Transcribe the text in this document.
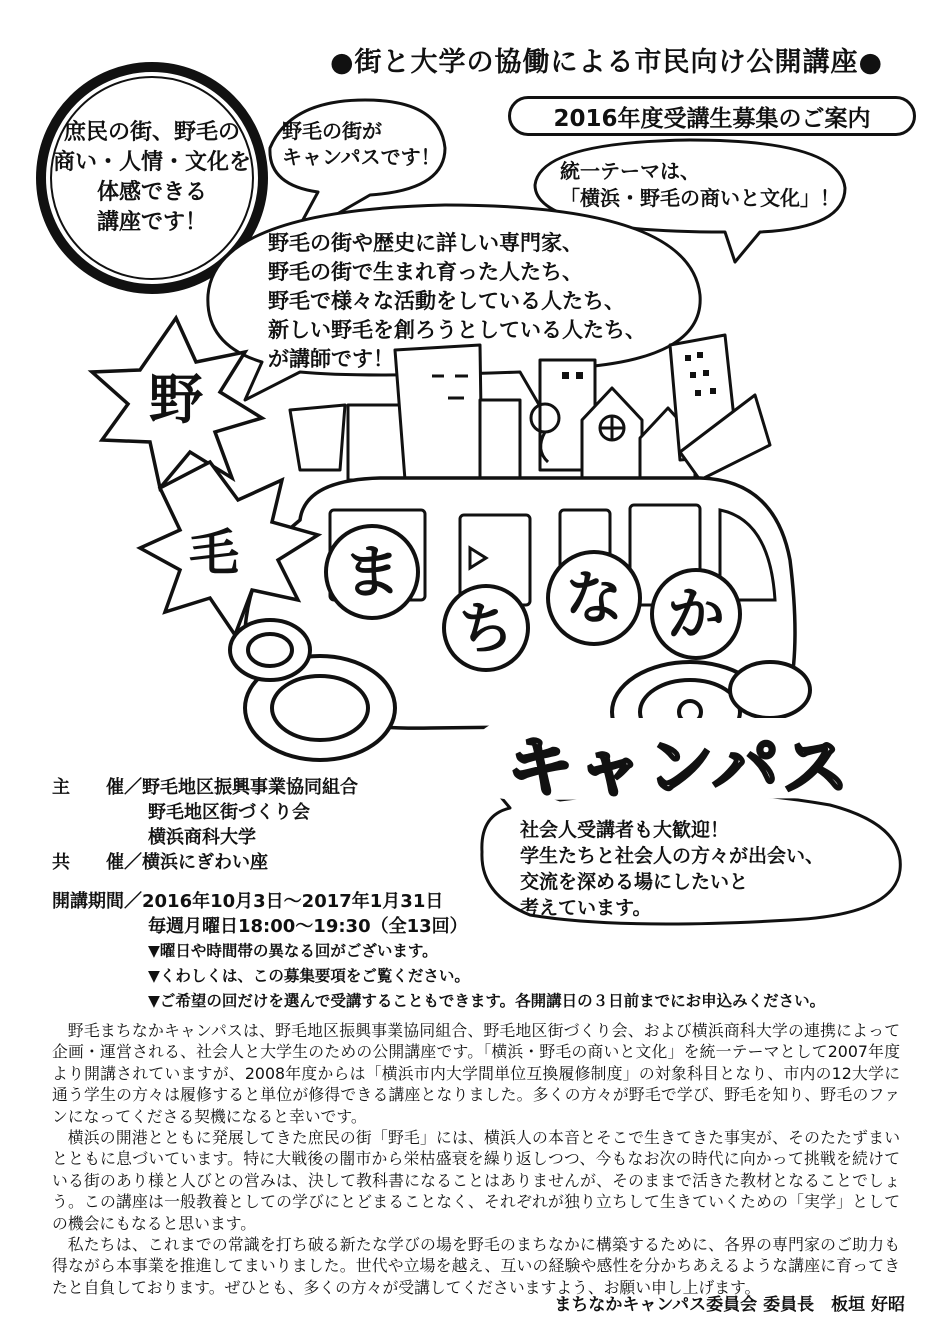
●街と大学の協働による市民向け公開講座●
2016年度受講生募集のご案内
庶民の街、野毛の
商い・人情・文化を
体感できる
講座です！
野
毛 ま
ち な か
キャンパス
野毛の街が
キャンパスです！
統一テーマは、
「横浜・野毛の商いと文化」！
野毛の街や歴史に詳しい専門家、
野毛の街で生まれ育った人たち、
野毛で様々な活動をしている人たち、
新しい野毛を創ろうとしている人たち、
が講師です！
社会人受講者も大歓迎！
学生たちと社会人の方々が出会い、
交流を深める場にしたいと
考えています。
主　　催／野毛地区振興事業協同組合
野毛地区街づくり会
横浜商科大学
共　　催／横浜にぎわい座
開講期間／2016年10月3日～2017年1月31日
毎週月曜日18:00～19:30（全13回）
▼曜日や時間帯の異なる回がございます。
▼くわしくは、この募集要項をご覧ください。
▼ご希望の回だけを選んで受講することもできます。各開講日の３日前までにお申込みください。

野毛まちなかキャンパスは、野毛地区振興事業協同組合、野毛地区街づくり会、および横浜商科大学の連携によって企画・運営される、社会人と大学生のための公開講座です。「横浜・野毛の商いと文化」を統一テーマとして2007年度より開講されていますが、2008年度からは「横浜市内大学間単位互換履修制度」の対象科目となり、市内の12大学に通う学生の方々は履修すると単位が修得できる講座となりました。多くの方々が野毛で学び、野毛を知り、野毛のファンになってくださる契機になると幸いです。

横浜の開港とともに発展してきた庶民の街「野毛」には、横浜人の本音とそこで生きてきた事実が、そのたたずまいとともに息づいています。特に大戦後の闇市から栄枯盛衰を繰り返しつつ、今もなお次の時代に向かって挑戦を続けている街のあり様と人びとの営みは、決して教科書になることはありませんが、そのままで活きた教材となることでしょう。この講座は一般教養としての学びにとどまることなく、それぞれが独り立ちして生きていくための「実学」としての機会にもなると思います。

私たちは、これまでの常識を打ち破る新たな学びの場を野毛のまちなかに構築するために、各界の専門家のご助力も得ながら本事業を推進してまいりました。世代や立場を越え、互いの経験や感性を分かちあえるような講座に育ってきたと自負しております。ぜひとも、多くの方々が受講してくださいますよう、お願い申し上げます。

まちなかキャンパス委員会 委員長　板垣 好昭
